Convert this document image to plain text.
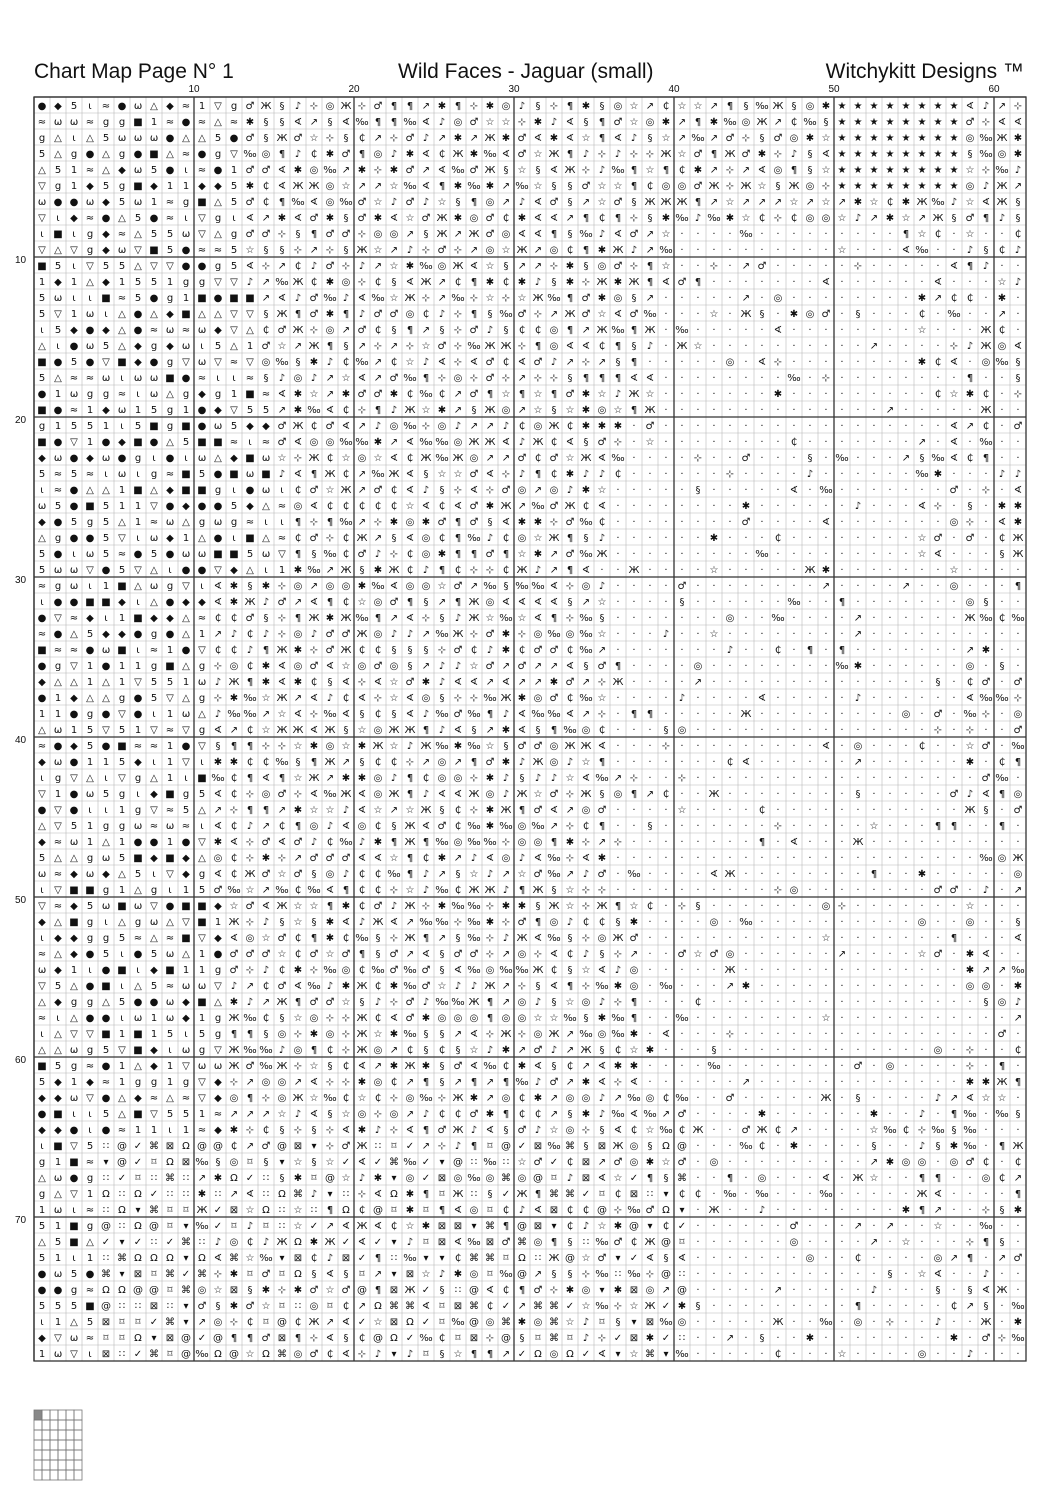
Chart Map Page N° 1	Wild Faces - Jaguar (small)	Witchykitt Designs ™
10	20	30	40	50	60
10
20
30
40
50
60
70
● ◆ 5 ɩ ≈ ● ω △ ◆ ≈ 1 ▽ g ♂ Ж § ♪ ⊹ ◎ Ж ⊹ ♂ ¶ ¶ ↗ ✱ ¶ ⊹ ✱ ◎ ♪ § ⊹ ¶ ✱ § ◎ ☆ ↗ ₵ ☆ ☆ ↗ ¶ § ‰ Ж § ◎ ✱ ★ ★ ★ ★ ★ ★ ★ ★ ∢ ♪ ↗ ⊹
≈ ω ω ≈ g g ■ 1 ≈ ● ≈ △ ≈ ✱ § § ∢ ↗ § ∢ ‰ ¶ ¶ ‰ ∢ ♪ ◎ ♂ ☆ ☆ ⊹ ✱ ♪ ∢ § ¶ ♂ ☆ ◎ ✱ ↗ ¶ ✱ ‰ ◎ Ж ↗ ₵ ‰ § ★ ★ ★ ★ ★ ★ ★ ★ ♂ ⊹ ∢ ∢
g △ ɩ △ 5 ω ω ω ● △ △ 5 ● ♂ § Ж ♂ ☆ ⊹ § ₵ ↗ ⊹ ♂ ♪ ↗ ✱ ↗ Ж ✱ ♂ ∢ ✱ ∢ ☆ ¶ ∢ ♪ § ☆ ↗ ‰ ↗ ♂ ⊹ § ♂ ◎ ✱ ☆ ★ ★ ★ ★ ★ ★ ★ ★ ◎ ‰ Ж ✱
5 △ g ● △ g ● ■ △ ≈ ● g ▽ ‰ ◎ ¶ ♪ ₵ ✱ ♂ ¶ ◎ ♪ ✱ ∢ ₵ Ж ✱ ‰ ∢ ♂ ☆ Ж ¶ ♪ ⊹ ♪ ⊹ ⊹ Ж ☆ ♂ ¶ Ж ♂ ✱ ⊹ ♪ § ∢ ★ ★ ★ ★ ★ ★ ★ ★ § ‰ ◎ ✱
△ 5 1 ≈ △ ◆ ω 5 ● ɩ ≈ ● 1 ♂ ♂ ∢ ✱ ◎ ‰ ↗ ✱ ⊹ ✱ ♂ ↗ ∢ ‰ ♂ Ж § ☆ § ∢ Ж ⊹ ♪ ‰ ¶ ☆ ¶ ₵ ✱ ↗ ⊹ ↗ ∢ ◎ ¶ § ☆ ★ ★ ★ ★ ★ ★ ★ ★ ☆ ⊹ ‰ ♪
▽ g 1 ◆ 5 g ■ ◆ 1 1 ◆ ◆ 5 ✱ ₵ ∢ Ж Ж ◎ ☆ ↗ ↗ ☆ ‰ ∢ ¶ ✱ ‰ ✱ ↗ ‰ ☆ § § ♂ ☆ ☆ ¶ ₵ ◎ ◎ ♂ Ж ⊹ Ж ☆ § Ж ◎ ⊹ ★ ★ ★ ★ ★ ★ ★ ★ ◎ ♪ Ж ↗
ω ● ● ω ◆ 5 ω 1 ≈ g ■ △ 5 ♂ ₵ ¶ ‰ ∢ ◎ ‰ ♂ ☆ ♪ ♂ ♪ ☆ § ¶ ◎ ↗ ♪ ∢ ♂ § ↗ ☆ ♂ § Ж Ж Ж ¶ ↗ ☆ ↗ ↗ ↗ ☆ ↗ ☆ ↗ ✱ ☆ ₵ ✱ Ж ‰ ♪ ☆ ∢ Ж §
▽ ɩ ◆ ≈ ● △ 5 ● ≈ ɩ ▽ g ɩ ∢ ↗ ✱ ∢ ♂ ✱ § ♂ ✱ ∢ ☆ ♂ Ж ✱ ◎ ♂ ₵ ✱ ∢ ∢ ↗ ¶ ₵ ¶ ⊹ § ✱ ‰ ♪ ‰ ✱ ☆ ₵ ⊹ ₵ ◎ ◎ ☆ ♪ ↗ ✱ ☆ ↗ Ж § ♂ ¶ ♪ §
ɩ ■ ɩ g ◆ ≈ △ 5 5 ω ▽ △ g ♂ ♂ ⊹ § ¶ ♂ ♂ ⊹ ◎ ◎ ↗ § Ж ↗ Ж ♂ ◎ ∢ ∢ ¶ § ‰ ♪ ∢ ♂ ↗ ☆ · · · · ‰ · · · · · · · · · ¶ ☆ ₵ · ☆ · · ₵
▽ △ ▽ g ◆ ω ▽ ■ 5 ● ≈ ≈ 5 ☆ § § ⊹ ↗ ⊹ § Ж ☆ ↗ ♪ ⊹ ♂ ⊹ ↗ ◎ ☆ Ж ↗ ◎ ₵ ¶ ✱ Ж ♪ ↗ ‰ · · · · · · · · · · ☆ · · · ∢ ‰ · · ♪ § ₵ ♪
■ 5 ɩ ▽ 5 5 △ ▽ ▽ ● ● g 5 ∢ ⊹ ↗ ₵ ♪ ♂ ⊹ ♪ ↗ ☆ ✱ ‰ ◎ Ж ∢ ☆ § ↗ ↗ ⊹ ✱ § ◎ ♂ ⊹ ¶ ☆ · · ⊹ · ↗ ♂ · · · · · ⊹ · · · · · ∢ ¶ ♪ · ·
1 ◆ 1 △ ◆ 1 5 5 1 g g ▽ ▽ ♪ ↗ ‰ Ж ₵ ✱ ◎ ⊹ ₵ § ∢ Ж ↗ ₵ ¶ ✱ ₵ ✱ ♪ § ✱ ⊹ Ж ✱ Ж ¶ ∢ ♂ ¶ · · · · · · · ∢ · · · · · · ∢ · · · ☆ ♪
5 ω ɩ ɩ ■ ≈ 5 ● g 1 ■ ● ■ ■ ↗ ∢ ♪ ♂ ‰ ♪ ∢ ‰ ☆ Ж ⊹ ↗ ‰ ⊹ ☆ ⊹ ☆ Ж ‰ ¶ ♂ ✱ ◎ § ↗ · · · · · ↗ · ◎ · · · · · · · · ✱ ↗ ₵ ₵ · ✱ ·
5 ▽ 1 ω ɩ △ ● △ ◆ ■ △ △ ▽ ▽ § Ж ¶ ♂ ✱ ¶ ♪ ♂ ♂ ◎ ₵ ♪ ⊹ ¶ § ‰ ♂ ⊹ ↗ Ж ♂ ☆ ∢ ♂ ‰ · · · ☆ · Ж § · ✱ ◎ ♂ · § · · · ₵ · ‰ · · ↗ ·
ɩ 5 ◆ ● ◆ △ ● ≈ ω ≈ ω ◆ ▽ △ ₵ ♂ Ж ⊹ ◎ ↗ ♂ ₵ § ¶ ↗ § ⊹ ♂ ♪ § ₵ ₵ ◎ ¶ ↗ Ж ‰ ¶ Ж · ‰ · · · · · ∢ · · · · · · · · ☆ · · · Ж ₵ ·
△ ɩ ● ω 5 △ ◆ g ◆ ω ɩ 5 △ 1 ♂ ☆ ↗ Ж ¶ § ↗ ⊹ ↗ ⊹ ☆ ♂ ⊹ ‰ Ж Ж ⊹ ¶ ◎ ∢ ∢ ₵ ¶ § ♪ · Ж ☆ · · · · · · · · · · ↗ · · · · ⊹ ♪ Ж ◎ ∢
■ ● 5 ● ▽ ■ ◆ ● g ▽ ω ▽ ≈ ▽ ◎ ‰ § ✱ ♪ ₵ ‰ ↗ ₵ ☆ ♪ ∢ ⊹ ∢ ♂ ₵ ∢ ♂ ♪ ↗ ⊹ ↗ § ¶ · · · · · ◎ · ∢ ⊹ · · · · · · · · ✱ ₵ ∢ · ◎ ‰ §
5 △ ≈ ≈ ω ɩ ω ω ■ ● ≈ ɩ ɩ ≈ § ♪ ◎ ♪ ↗ ☆ ∢ ↗ ♂ ‰ ¶ ⊹ ◎ ⊹ ♂ ⊹ ↗ ⊹ ⊹ § ¶ ¶ ¶ ∢ ∢ · · · · · · · · ‰ · ⊹ · · · · · · · · ¶ · · §
● 1 ω g g ≈ ɩ ω △ g ◆ g 1 ■ ≈ ∢ ✱ ☆ ↗ ✱ ♂ ♂ ✱ ₵ ‰ ₵ ↗ ♂ ¶ ☆ ¶ ☆ ¶ ♂ ✱ ☆ ♪ Ж ☆ · · · · · · · ✱ · · · · · · · · · ₵ ☆ ✱ ₵ · ⊹
■ ● ≈ 1 ◆ ω 1 5 g 1 ● ◆ ▽ 5 5 ↗ ✱ ‰ ∢ ₵ ⊹ ¶ ♪ Ж ☆ ✱ ↗ § Ж ◎ ↗ ☆ § ☆ ✱ ◎ ☆ ¶ Ж · · · · · · · · · · · · · · ↗ · · · · · Ж · ·
g 1 5 5 1 ɩ 5 ■ g ■ ● ω 5 ◆ ◆ ♂ Ж ₵ ♂ ∢ ↗ ♪ ◎ ‰ ⊹ ◎ ♪ ↗ ↗ ♪ ₵ ◎ Ж ₵ ✱ ✱ ✱ · ♂ · · · · · · · · · · · · · · · · · · ∢ ↗ ₵ · ♂
■ ● ▽ 1 ● ◆ ■ ● △ 5 ■ ■ ≈ ɩ ≈ ♂ ∢ ◎ ◎ ‰ ‰ ✱ ↗ ∢ ‰ ‰ ◎ Ж Ж ∢ ♪ Ж ₵ ∢ § ♂ ⊹ · ☆ · · · · · · · · ₵ · · · · · · · ↗ · ∢ · ‰ · ·
◆ ω ● ◆ ω ● g ɩ ● ɩ ω △ ◆ ■ ω ☆ ⊹ Ж ₵ ☆ ◎ ☆ ∢ ₵ Ж ‰ Ж ◎ ↗ ↗ ♂ ₵ ♂ ☆ Ж ∢ ‰ · · · · ⊹ · · ♂ · · · § · ‰ · · · ↗ § ‰ ∢ ₵ ¶ · ·
5 ≈ 5 ≈ ɩ ω ɩ g ≈ ■ 5 ● ■ ω ■ ♪ ∢ ¶ Ж ₵ ↗ ‰ Ж ∢ § ☆ ☆ ♂ ∢ ⊹ ♪ ¶ ₵ ✱ ♪ ♪ ₵ · · · · · · ⊹ · · · · ♪ · · · · · · ‰ ✱ · · · ♪ ♪
ɩ ≈ ● △ △ 1 ■ △ ◆ ■ ■ g ɩ ● ω ɩ ₵ ♂ ☆ Ж ↗ ♂ ₵ ∢ ♪ § ⊹ ∢ ⊹ ♂ ◎ ↗ ◎ ♪ ✱ ☆ · · · · · § · · · · · ∢ · ‰ · · · · · · · ♂ · ⊹ · ∢
ω 5 ● ■ 5 1 1 ▽ ● ◆ ● ● 5 ◆ △ ≈ ◎ ∢ ₵ ₵ ₵ ₵ ₵ ☆ ∢ ₵ ∢ ♂ ✱ Ж ↗ ‰ ♂ Ж ₵ ∢ · · · · · · · · ✱ · · · · · · ♪ · · · ∢ ⊹ · § · ✱ ✱
◆ ● 5 g 5 △ 1 ≈ ω △ g ω g ≈ ɩ ɩ ¶ ⊹ ¶ ‰ ↗ ⊹ ✱ ◎ ✱ ♂ ¶ ♂ § ∢ ✱ ✱ ⊹ ♂ ‰ ₵ · · · · · · · · ♂ · · · · ∢ · · · · · · · ◎ ⊹ · ∢ ✱
△ g ● ● 5 ▽ ɩ ω ◆ 1 △ ● ɩ ■ △ ≈ ₵ ♂ ⊹ ₵ Ж ↗ § ∢ ◎ ₵ ¶ ‰ ♪ ₵ ◎ ☆ Ж ¶ § ♪ · · · · · · ✱ · · · ₵ · · · · · · · · ☆ ♂ · ♂ · ₵ Ж
5 ● ɩ ω 5 ≈ ● 5 ● ω ω ■ ■ 5 ω ▽ ¶ § ‰ ₵ ♂ ♪ ⊹ ₵ ◎ ✱ ¶ ¶ ♂ ¶ ☆ ✱ ↗ ♂ ‰ Ж · · · · · · · · · ‰ · · · · · · · · · ☆ ∢ · · · § Ж
5 ω ω ▽ ● 5 ▽ △ ɩ ● ● ▽ ◆ △ ɩ 1 ✱ ‰ ↗ Ж § ✱ Ж ₵ ♪ ¶ ₵ ⊹ ⊹ ₵ Ж ♪ ↗ ¶ ∢ · · Ж · · · · ☆ · · · · · Ж ✱ · · · · · · · ☆ · · · ·
≈ g ω ɩ 1 ■ △ ω g ▽ ɩ ∢ ✱ § ✱ ⊹ ◎ ↗ ◎ ◎ ✱ ‰ ∢ ◎ ◎ ☆ ♂ ↗ ‰ § ‰ ‰ ∢ ⊹ ◎ ♪ · · · · ♂ · · · · · · · · ↗ · · · · ↗ · · ◎ · · · ¶
ɩ ● ● ■ ■ ◆ ɩ △ ● ◆ ◆ ∢ ✱ Ж ♪ ♂ ↗ ∢ ¶ ₵ ☆ ◎ ♂ ¶ § ↗ ¶ Ж ◎ ∢ ∢ ∢ ∢ § ↗ ☆ · · · · § · · · · · · ‰ · · ¶ · · · · · · · ◎ § · ·
● ▽ ≈ ◆ ɩ 1 ■ ◆ ◆ △ ≈ ₵ ₵ ♂ § ⊹ ¶ Ж ✱ Ж ‰ ¶ ↗ ∢ ⊹ § ♪ Ж ☆ ‰ ☆ ∢ ¶ ⊹ ‰ § · · · · · · · ◎ · · ‰ · · · · ↗ · · · · · · Ж ‰ ₵ ‰
≈ ● △ 5 ◆ ◆ ● g ● △ 1 ↗ ♪ ₵ ♪ ⊹ ◎ ♪ ♂ ♂ Ж ◎ ♪ ♪ ↗ ‰ Ж ⊹ ♂ ✱ ⊹ ◎ ‰ ◎ ‰ ☆ · · · ♪ · · ☆ · · · · · · · · ↗ · · · · · · · · · ·
■ ≈ ≈ ● ω ■ ɩ ≈ 1 ● ▽ ₵ ₵ ♪ ¶ Ж ✱ ⊹ ♂ Ж ₵ ₵ § § § ⊹ ♂ ₵ ♪ ✱ ₵ ♂ ♂ ₵ ‰ ↗ · · · · · · · ♪ · · ₵ · ¶ · ¶ · · · · · · · ↗ ✱ · ·
● g ▽ 1 ● 1 1 g ■ △ g ⊹ ◎ ₵ ✱ ∢ ◎ ♂ ∢ ☆ ◎ ♂ ◎ § ↗ ♪ ♪ ☆ ♂ ↗ ♂ ↗ ↗ ∢ § ♂ ¶ · · · · ◎ · · · · · · · · ‰ ✱ · · · · · · ◎ · § ·
◆ △ △ 1 △ 1 ▽ 5 5 1 ω ♪ Ж ¶ ✱ ∢ ✱ ₵ § ∢ ⊹ ∢ ☆ ♂ ✱ ♪ ∢ ∢ ↗ ∢ ↗ ↗ ✱ ♂ ↗ ⊹ Ж · · · · ↗ · · · · · · · · · · · · · · § · ₵ ♂ · ♂
● 1 ◆ △ △ g ● 5 ▽ △ g ⊹ ✱ ‰ ☆ Ж ↗ ∢ ♪ ₵ ∢ ⊹ ☆ ∢ ◎ § ⊹ ⊹ ‰ Ж ✱ ◎ ♂ ₵ ‰ ☆ · · · · ♪ · · · · ∢ · · · · · ♪ · · · · · · ∢ ‰ ‰ ⊹
1 1 ● g ● ▽ ● ɩ 1 ω △ ♪ ‰ ‰ ↗ ☆ ∢ ⊹ ‰ ∢ § ₵ § ∢ ♪ ‰ ♂ ‰ ¶ ♪ ∢ ‰ ‰ ∢ ↗ ⊹ · ¶ ¶ · · · · · Ж · · · · · · · · · ◎ · ♂ · ‰ ⊹ · ◎
△ ω 1 5 ▽ 5 1 ▽ ≈ ▽ g ∢ ↗ ₵ ☆ Ж Ж ∢ Ж § ☆ ◎ Ж Ж ¶ ♪ ∢ § ↗ ✱ ∢ § ¶ ‰ ◎ ₵ · · · § ◎ · · · · · · · · · · · · · · · ⊹ · ⊹ · · ♂
≈ ● ◆ 5 ● ■ ≈ ≈ 1 ● ▽ § ¶ ¶ ⊹ ⊹ ☆ ✱ ◎ ☆ ✱ Ж ☆ ♪ Ж ‰ ✱ ‰ ☆ § ♂ ♂ ◎ Ж Ж ∢ · · · ⊹ · · · · · · · · · ∢ · ◎ · · · ₵ · · ☆ ♂ · ‰
◆ ω ● 1 1 5 ◆ ɩ 1 ▽ ɩ ✱ ✱ ₵ ₵ ‰ § ¶ Ж ↗ § ₵ ₵ ⊹ ↗ ◎ ↗ ¶ ♂ ✱ ♪ Ж ◎ ♪ ☆ ¶ · · · · · · · ₵ ∢ · · · · · · ↗ · · · · · · ✱ · ₵ ¶
ɩ g ▽ △ ɩ ▽ g △ 1 ɩ ■ ‰ ₵ ¶ ∢ ¶ ☆ Ж ↗ ✱ ✱ ◎ ♪ ¶ ₵ ◎ ◎ ⊹ ✱ ♪ § ♪ ♪ ☆ ∢ ‰ ↗ ⊹ · · ⊹ · · · · · · · · · · · · · · · · · · ♂ ‰ ·
▽ 1 ● ω 5 g ɩ ◆ ■ g 5 ∢ ₵ ⊹ ◎ ♂ ⊹ ∢ ‰ Ж ∢ ◎ Ж ¶ ♪ ∢ ∢ Ж ◎ ♪ Ж ☆ ♂ ⊹ Ж § ◎ ¶ ↗ ₵ · · Ж · · · · · · · · § · · · · · ♂ ♪ ∢ ¶ ◎
● ▽ ● ɩ ɩ 1 g ▽ ≈ 5 △ ↗ ⊹ ¶ ¶ ↗ ✱ ☆ ☆ ♪ ∢ ☆ ↗ ☆ Ж § ₵ ⊹ ✱ Ж ¶ ♂ ∢ ↗ ◎ ♂ · · · · ☆ · · · · ₵ · · · · · · · · · · · · Ж § · ♂
△ ▽ 5 1 g g ω ≈ ω ≈ ɩ ∢ ₵ ♪ ↗ ₵ ¶ ◎ ♪ ∢ ◎ ₵ § Ж ∢ ♂ ₵ ‰ ✱ ‰ ◎ ‰ ↗ ⊹ ₵ ¶ · · § · · · · · · · ⊹ · · · · · ☆ · · · ¶ ¶ · · ¶ ·
◆ ≈ ω 1 △ 1 ● ● 1 ● ▽ ✱ ∢ ⊹ ♂ ∢ ♂ ♪ ₵ ‰ ♪ ✱ ¶ Ж ¶ ‰ ◎ ‰ ‰ ⊹ ◎ ◎ ¶ ✱ ⊹ ↗ ⊹ · · · · · · · · ¶ · ∢ · · · Ж · · · · · · · · · ·
5 △ △ g ω 5 ■ ◆ ■ ◆ △ ◎ ₵ ⊹ ✱ ⊹ ↗ ♂ ♂ ♂ ∢ ∢ ☆ ¶ ₵ ✱ ↗ ♪ ∢ ◎ ♪ ∢ ‰ ⊹ ∢ ✱ · · · · · · · · · · · · · · · · · · · · · · · ‰ ◎ Ж
ω ≈ ◆ ω ◆ △ 5 ɩ ▽ ◆ g ∢ ₵ Ж ♂ ☆ ♂ § ◎ ♪ ₵ ₵ ‰ ¶ ♪ ↗ § ☆ ♪ ↗ ☆ ♂ ‰ ↗ ♪ ♂ · ‰ · · · · ∢ Ж · · · · · · · · ¶ · · ✱ · · · · · ◎
ɩ ▽ ■ ■ g 1 △ g ɩ 1 5 ♂ ‰ ☆ ↗ ‰ ₵ ‰ ∢ ¶ ₵ ₵ ⊹ ☆ ♪ ‰ ₵ Ж Ж ♪ ¶ Ж § ☆ ⊹ ⊹ · · · · · · · · · · ⊹ ◎ · · · · · · · · ♂ ♂ · ♪ · ↗
▽ ≈ ◆ 5 ω ■ ω ▽ ● ■ ■ ◆ ☆ ♂ ∢ Ж ☆ ☆ ¶ ✱ ₵ ♂ ♪ Ж ⊹ ✱ ‰ ‰ ⊹ ✱ ✱ § Ж ☆ ⊹ Ж ¶ ☆ ₵ · ⊹ § · · · · · · · ◎ ⊹ · · · · · · · ☆ · · ·
◆ △ ■ g ɩ △ g ω △ ▽ ■ 1 Ж ⊹ ♪ § ☆ § ✱ ∢ ♪ Ж ∢ ↗ ‰ ‰ ⊹ ‰ ✱ ⊹ ♂ ¶ ◎ ♪ ₵ ₵ § ✱ · · · · ◎ · ‰ · · · · · · · · · · ◎ · · ◎ · · §
ɩ ◆ ◆ g g 5 ≈ △ ≈ ■ ▽ ◆ ∢ ◎ ☆ ♂ ₵ ¶ ✱ ₵ ‰ § ⊹ Ж ¶ ↗ § ‰ ⊹ ♪ Ж ∢ ‰ § ⊹ ◎ Ж ♂ · · · · · · · · · · · ☆ · · · · · · · ¶ · · · ∢
≈ △ ◆ ● 5 ɩ ● 5 ω △ 1 ● ♂ ♂ ♂ ☆ ₵ ♂ ☆ ♂ ¶ § ♂ ↗ ∢ § ♂ ♂ ⊹ ↗ ◎ ⊹ ∢ ₵ ♪ § ⊹ ↗ · · ♂ ☆ ♂ ◎ · · · · · · ↗ · · · · ☆ ♂ · ✱ ∢ · ·
ω ◆ 1 ɩ ● ■ ɩ ◆ ■ 1 1 g ♂ ⊹ ♪ ₵ ✱ ⊹ ‰ ◎ ₵ ‰ ♂ ‰ ♂ § ∢ ‰ ◎ ‰ ‰ Ж ₵ § ☆ ∢ ♪ ◎ · · · · · Ж · · · · · · · · · · · · · · ✱ ↗ ↗ ‰
▽ 5 △ ● ■ ɩ △ 5 ≈ ω ω ▽ ♪ ↗ ₵ ♂ ∢ ‰ ♪ ✱ Ж ₵ ✱ ‰ ♂ ☆ ♪ ♪ Ж ↗ ⊹ § ∢ ¶ ⊹ ‰ ✱ ◎ · ‰ · · · ↗ ✱ · · · · · · · · · · · · · ◎ ◎ · ✱
△ ◆ g g △ 5 ● ● ω ◆ ■ △ ✱ ♪ ↗ Ж ¶ ♂ ♂ ☆ § ♪ ⊹ ♂ ♪ ‰ ‰ Ж ¶ ↗ ◎ ♪ § ☆ ◎ ♪ ⊹ ¶ · · · ₵ · · · · · · · · · · · · · · · · · § ◎ ♪
≈ ɩ △ ● ● ɩ ω 1 ω ◆ 1 g Ж ‰ ₵ § ☆ ◎ ⊹ ⊹ Ж ₵ ∢ ♂ ✱ ◎ ◎ ◎ ¶ ◎ ◎ ☆ ☆ ‰ § ✱ ‰ ¶ · · ‰ · · · · · · · · ☆ · · · · · · · · · · · ↗
ɩ △ ▽ ▽ ■ 1 ■ 1 5 ɩ 5 g ¶ ¶ § ◎ ⊹ ✱ ◎ ⊹ Ж ☆ ✱ ‰ § § ↗ ∢ ⊹ Ж ⊹ ◎ Ж ↗ ‰ ◎ ‰ ✱ · ∢ · · · ⊹ · · · · · · · · · · · · · · · · ♂ ·
△ △ ω g 5 ▽ ■ ◆ ɩ ω g ▽ Ж ‰ ‰ ♪ ◎ ¶ ₵ ⊹ Ж ◎ ↗ ₵ § ₵ § ☆ ♪ ✱ ↗ ♂ ♪ ↗ Ж § ₵ ☆ ✱ · · · § · · · · · · · · · · · · · ◎ · ⊹ · · ₵
■ 5 g ≈ ● 1 △ ◆ 1 ▽ ω ω Ж ♂ ‰ Ж ⊹ ☆ § ₵ ∢ ↗ ✱ Ж ✱ § ♂ ∢ ‰ ₵ ✱ ∢ § ₵ ↗ ∢ ✱ ✱ · · · · ‰ · · · · · · · · ♂ · ◎ · · · · ⊹ · ¶ ·
5 ◆ 1 ◆ ≈ 1 g g 1 g ▽ ◆ ⊹ ↗ ◎ ◎ ↗ ∢ ⊹ ⊹ ✱ ◎ ₵ ↗ ¶ § ↗ ¶ ↗ ¶ ‰ ♪ ♂ ↗ ✱ ∢ ⊹ ∢ · · · · · · ↗ · · · · · · · · · · · · · ✱ ✱ Ж ¶
◆ ◆ ω ▽ ● △ ◆ ≈ △ ≈ ▽ ◆ ◎ ¶ ⊹ ◎ Ж ☆ ‰ ₵ ☆ ₵ ⊹ ◎ ‰ ⊹ Ж ✱ ↗ ◎ ₵ ✱ ↗ ◎ ◎ ♪ ↗ ‰ ◎ ₵ ‰ · · ♂ · · · · · Ж · § · · · · ♪ ↗ ∢ ☆ ☆ ·
● ■ ɩ ɩ 5 △ ■ ▽ 5 5 1 ≈ ↗ ↗ ↗ ☆ ♪ ∢ § ☆ ◎ ⊹ ◎ ↗ ♪ ₵ ₵ ♂ ✱ ¶ ₵ ₵ ↗ § ✱ ♪ ‰ ∢ ‰ ↗ ♂ · · · · ✱ · · · · · · ✱ · · ♪ · ¶ ‰ · ‰ §
◆ ◆ ● ɩ ● ≈ 1 1 ɩ 1 ≈ ◆ ✱ ⊹ ₵ § ⊹ § ⊹ ∢ ✱ ♪ ⊹ ∢ ¶ ♂ Ж ♪ ∢ § ♂ ♪ ☆ ◎ ⊹ § ∢ ₵ ☆ ‰ ₵ Ж · · ♂ Ж ₵ ↗ · · · · ☆ ‰ ₵ ⊹ ‰ § ‰ · · ·
ɩ ■ ▽ 5 ∷ @ ✓ ⌘ ⊠ Ω @ @ ₵ ↗ ♂ @ ⊠ ▾ ⊹ ♂ Ж ∷ ⌑ ✓ ↗ ⊹ ♪ ¶ ⌑ @ ✓ ⊠ ‰ ⌘ § ⊠ Ж ◎ § Ω @ · · · ‰ ₵ · ✱ · · · · § · · ♪ § ✱ ‰ · ¶ Ж
g 1 ■ ≈ ▾ @ ✓ ⌑ Ω ⊠ ‰ § ◎ ⌑ § ▾ ☆ § ☆ ✓ ∢ ✓ ⌘ ‰ ✓ ▾ @ ∷ ‰ ∷ ☆ ♂ ✓ ₵ ⊠ ↗ ♂ ◎ ✱ ☆ ♂ · ◎ · · · · · · · · · ↗ ✱ ◎ ◎ · ◎ ♂ ₵ · ₵
△ ω ● g ∷ ✓ ⌑ ∷ ⌘ ∷ ↗ ✱ Ω ✓ ∷ § ✱ ⌑ @ ☆ ♪ ✱ ▾ ◎ ✓ ⊠ ◎ ‰ ◎ ⌘ ◎ @ ⌑ ♪ ⊠ ∢ ☆ ✓ ¶ § ⌘ · · ¶ · ◎ · · · ∢ · Ж ☆ · · ¶ ¶ · · ◎ ₵ ↗
g △ ▽ 1 Ω ∷ Ω ✓ ∷ ∷ ✱ ∷ ↗ ∢ ∷ Ω ⌘ ♪ ▾ ∷ ⊹ ∢ Ω ✱ ¶ ⌑ Ж ∷ § ✓ Ж ¶ ⌘ ⌘ ✓ ⌑ ₵ ⊠ ∷ ▾ ₵ ₵ · ‰ · ‰ · · · ‰ · · · · · Ж ∢ · · · · ¶
1 ω ɩ ≈ ∷ Ω ▾ ⌘ ⌑ ⌑ Ж ✓ ⊠ ☆ Ω ∷ ☆ ∷ ¶ Ω ₵ @ ⌑ ✱ ⌑ ¶ ∢ ◎ ⌑ ₵ ♪ ∢ ⊠ ₵ ₵ @ ⊹ ‰ ♂ Ω ▾ · Ж · · ♪ · · · · · · · · ✱ ¶ ↗ · · ⊹ § ✱
5 1 ■ g @ ∷ Ω @ ⌑ ▾ ‰ ✓ ⌑ ♪ ⌑ ∷ ☆ ✓ ↗ ∢ Ж ∢ ₵ ☆ ✱ ⊠ ⊠ ▾ ⌘ ¶ @ ⊠ ▾ ₵ ♪ ☆ ✱ @ ▾ ₵ ✓ · · · · · · ♂ · · · ↗ · ↗ · · ☆ · · ‰ · ·
△ 5 ■ △ ✓ ▾ ✓ ∷ ✓ ⌘ ∷ ♪ ◎ ₵ ♪ Ж Ω ✱ Ж ✓ ∢ ✓ ▾ ♪ ⌑ ⊠ ∢ ‰ ⊠ ♂ ⌘ ◎ ¶ § ∷ ‰ ♂ ₵ Ж @ ⌑ · · · · · · ◎ · · · · ↗ · ☆ · · · ⊹ ¶ § ·
5 1 ɩ 1 ∷ ⌘ Ω Ω Ω ▾ Ω ∢ ⌘ ☆ ‰ ▾ ⊠ ₵ ♪ ⊠ ✓ ¶ ∷ ‰ ▾ ▾ ₵ ⌘ ⌘ ⌑ Ω ∷ Ж @ ☆ ♂ ▾ ✓ ∢ § ∢ · · · · · · · ◎ · · ₵ · · · · ◎ ↗ ¶ · ↗ ♂
● ω 5 ● ⌘ ▾ ⊠ ⌑ ⌘ ✓ ⌘ ⊹ ✱ ⌑ ♂ ⌑ Ω § ∢ § ⌑ ↗ ▾ ⊠ ☆ ♪ ✱ ◎ ⌑ ‰ @ ↗ § § ⊹ ‰ ∷ ‰ ⊹ @ ∷ · · · · · · · · · · · · § · ☆ ∢ · · ♪ · ·
● ● g ≈ Ω Ω @ @ ⌑ ⌘ ◎ ☆ ⊠ § ✱ ⊹ ✱ ♂ ☆ ♂ @ ¶ ⊠ Ж ✓ § ∷ @ ∢ ₵ ¶ ♂ ⊹ ✱ ◎ ▾ ✱ ⊠ ◎ ↗ @ · · · · · ↗ · · · · · ♪ · · · § · § ∢ Ж ·
5 5 5 ■ @ ∷ ∷ ⊠ ∷ ▾ ♂ § ✱ ♂ ☆ ⌑ ∷ ◎ ⌑ ₵ ↗ Ω ⌘ ⌘ ∢ ⌑ ⊠ ⌘ ₵ ✓ ↗ ⌘ ⌘ ✓ ☆ ‰ ⊹ ☆ Ж ✓ ✱ § · · · · · · · · · ¶ · · · · · ₵ ↗ § · ‰
ɩ 1 △ 5 ⊠ ⌑ ⌑ ✓ ⌘ ▾ ↗ ◎ ⊹ ₵ ⌑ @ ₵ Ж ↗ ∢ ✓ ☆ ⊠ Ω ✓ ⌑ ‰ @ ◎ ⌘ ✱ ◎ ⌘ ☆ ♪ ⌑ § ▾ ⊠ ‰ ◎ · · · · · Ж · · ‰ · ◎ · ⊹ · · ♪ · · Ж · ✱
◆ ▽ ω ≈ ⌑ ⌑ Ω ▾ ⊠ @ ✓ @ ¶ ¶ ♂ ⊠ ¶ ⊹ ∢ § ₵ @ Ω ✓ ‰ ₵ ⌑ ⊠ ⊹ @ § ⌑ ⌘ ⌑ ♪ ⊹ ✓ ⊠ ✱ ✓ ∷ · · ↗ · § · · ✱ · · · · · · · · ✱ · ♂ ⊹ ‰
1 ω ▽ ɩ ⊠ ∷ ✓ ⌘ ⌑ @ ‰ Ω @ ☆ Ω ⌘ ◎ ♂ ₵ ∢ ⊹ ♪ ▾ ♪ ⌑ § ☆ ¶ ¶ ↗ ✓ Ω ◎ Ω ✓ ∢ ▾ ☆ ⌘ ▾ ‰ · · · · · ₵ · · · ☆ · · · · ◎ · · ♪ · · ·
